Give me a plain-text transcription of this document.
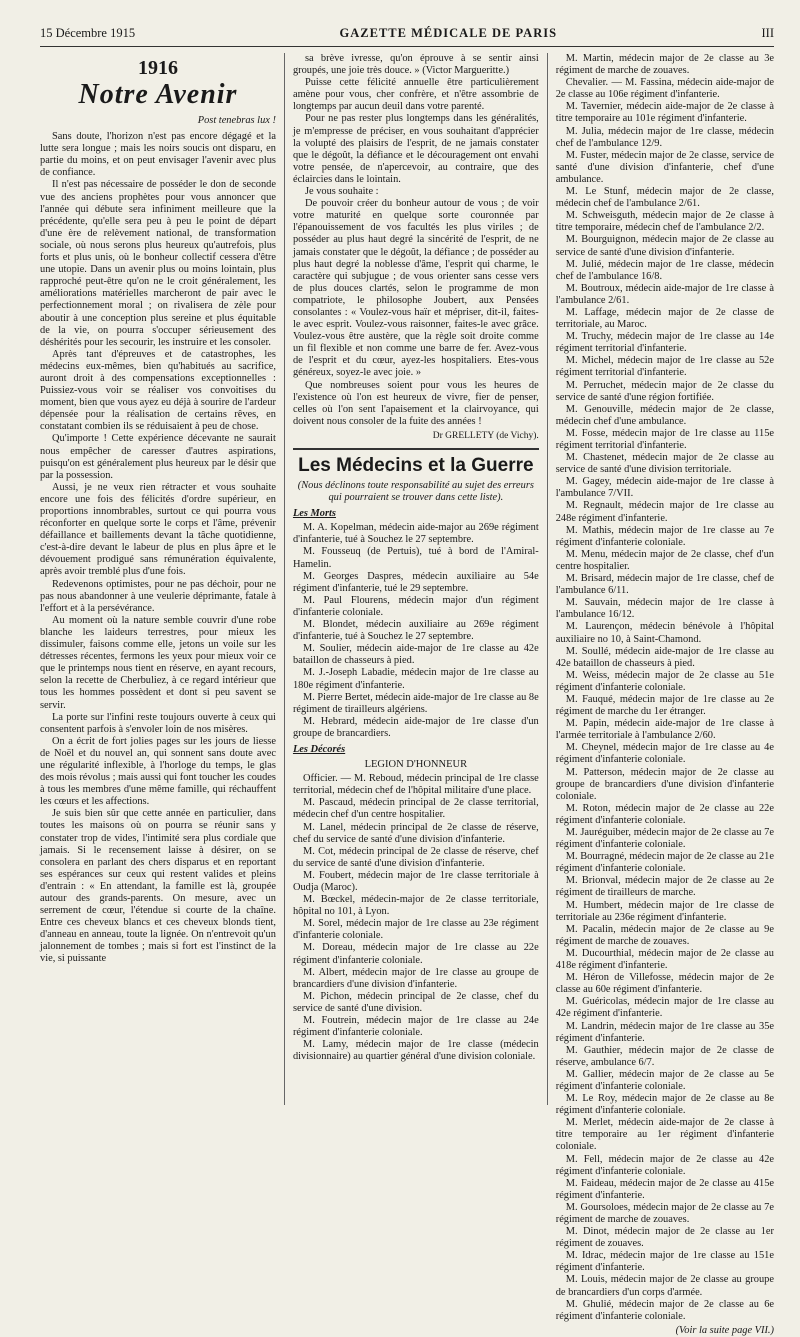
15 Décembre 1915	GAZETTE MÉDICALE DE PARIS	III
1916
Notre Avenir
Post tenebras lux !

Sans doute, l'horizon n'est pas encore dégagé et la lutte sera longue ; mais les noirs soucis ont disparu, en partie du moins, et on peut envisager l'avenir avec plus de confiance.

Il n'est pas nécessaire de posséder le don de seconde vue des anciens prophètes pour vous annoncer que l'année qui débute sera infiniment meilleure que la précédente, qu'elle sera peu à peu le point de départ d'une ère de relèvement national, de transformation sociale, où nous serons plus heureux qu'autrefois, plus forts et plus unis, où le bonheur collectif cessera d'être une utopie. Dans un avenir plus ou moins lointain, plus rapproché peut-être qu'on ne le croit généralement, les améliorations matérielles marcheront de pair avec le perfectionnement moral ; on rivalisera de zèle pour aboutir à une conception plus sereine et plus équitable de la vie, on pourra s'occuper sérieusement des déshérités pour les secourir, les instruire et les consoler.

Après tant d'épreuves et de catastrophes, les médecins eux-mêmes, bien qu'habitués au sacrifice, auront droit à des compensations exceptionnelles : Puissiez-vous voir se réaliser vos convoitises du moment, bien que vous ayez eu déjà à sourire de l'ardeur dépensée pour la réalisation de certains rêves, en constatant combien ils se réduisaient à peu de chose.

Qu'importe ! Cette expérience décevante ne saurait nous empêcher de caresser d'autres aspirations, puisqu'on est généralement plus heureux par le désir que par la possession.

Aussi, je ne veux rien rétracter et vous souhaite encore une fois des félicités d'ordre supérieur, en proportions innombrables, surtout ce qui pourra vous réconforter en quelque sorte le corps et l'âme, prévenir défaillance et baillements devant la tâche quotidienne, c'est-à-dire devant le labeur de plus en plus âpre et le dévouement prodigué sans rémunération équivalente, après avoir tremblé plus d'une fois.

Redevenons optimistes, pour ne pas déchoir, pour ne pas nous abandonner à une veulerie déprimante, fatale à l'effort et à la persévérance.

Au moment où la nature semble couvrir d'une robe blanche les laideurs terrestres, pour mieux les dissimuler, faisons comme elle, jetons un voile sur les détresses récentes, fermons les yeux pour mieux voir ce que le printemps nous tient en réserve, en ayant recours, selon la recette de Cherbuliez, à ce regard intérieur que tous les hommes possèdent et dont si peu savent se servir.

La porte sur l'infini reste toujours ouverte à ceux qui consentent parfois à s'envoler loin de nos misères.

On a écrit de fort jolies pages sur les jours de liesse de Noël et du nouvel an, qui sonnent sans doute avec une régularité inflexible, à l'horloge du temps, le glas des mois révolus ; mais aussi qui font toucher les coudes à tous les membres d'une même famille, qui réchauffent les cœurs et les affections.

Je suis bien sûr que cette année en particulier, dans toutes les maisons où on pourra se réunir sans y constater trop de vides, l'intimité sera plus cordiale que jamais. Si le recensement laisse à désirer, on se consolera en parlant des chers disparus et en reportant ses espérances sur ceux qui restent valides et pleins d'entrain : « En attendant, la famille est là, groupée autour des grands-parents. On mesure, avec un serrement de cœur, l'étendue si courte de la chaîne. Entre ces cheveux blancs et ces cheveux blonds tient, d'anneau en anneau, toute la lignée. On n'entrevoit qu'un jalonnement de tombes ; mais si fort est l'instinct de la vie, si puissante

sa brève ivresse, qu'on éprouve à se sentir ainsi groupés, une joie très douce. » (Victor Margueritte.)

Puisse cette félicité annuelle être particulièrement amène pour vous, cher confrère, et n'être assombrie de longtemps par aucun deuil dans votre parenté.

Pour ne pas rester plus longtemps dans les généralités, je m'empresse de préciser, en vous souhaitant d'apprécier la volupté des plaisirs de l'esprit, de ne jamais constater que le dégoût, la défiance et le découragement ont envahi votre pensée, de n'apercevoir, au contraire, que des éclaircies dans le lointain.

Je vous souhaite :

De pouvoir créer du bonheur autour de vous ; de voir votre maturité en quelque sorte couronnée par l'épanouissement de vos facultés les plus viriles ; de posséder au plus haut degré la sincérité de l'esprit, de ne jamais constater que le dégoût, la défiance ; de posséder au plus haut degré la noblesse d'âme, l'esprit qui charme, le caractère qui subjugue ; de vous orienter sans cesse vers de plus douces clartés, selon le programme de mon compatriote, le philosophe Joubert, aux Pensées consolantes : « Voulez-vous haïr et mépriser, dit-il, faites-le avec esprit. Voulez-vous raisonner, faites-le avec grâce. Voulez-vous être austère, que la règle soit droite comme un fil flexible et non comme une barre de fer. Avez-vous de l'esprit et du cœur, ayez-les hospitaliers. Etes-vous généreux, soyez-le avec joie. »

Que nombreuses soient pour vous les heures de l'existence où l'on est heureux de vivre, fier de penser, celles où l'on sent l'apaisement et la clairvoyance, qui doivent nous consoler de la fuite des années !

Dr GRELLETY (de Vichy).
Les Médecins et la Guerre
(Nous déclinons toute responsabilité au sujet des erreurs qui pourraient se trouver dans cette liste).
Les Morts

M. A. Kopelman, médecin aide-major au 269e régiment d'infanterie, tué à Souchez le 27 septembre.

M. Fousseuq (de Pertuis), tué à bord de l'Amiral-Hamelin.

M. Georges Daspres, médecin auxiliaire au 54e régiment d'infanterie, tué le 29 septembre.

M. Paul Flourens, médecin major d'un régiment d'infanterie coloniale.

M. Blondet, médecin auxiliaire au 269e régiment d'infanterie, tué à Souchez le 27 septembre.

M. Soulier, médecin aide-major de 1re classe au 42e bataillon de chasseurs à pied.

M. J.-Joseph Labadie, médecin major de 1re classe au 180e régiment d'infanterie.

M. Pierre Bertet, médecin aide-major de 1re classe au 8e régiment de tirailleurs algériens.

M. Hebrard, médecin aide-major de 1re classe d'un groupe de brancardiers.

Les Décorés
LEGION D'HONNEUR

Officier. — M. Reboud, médecin principal de 1re classe territorial, médecin chef de l'hôpital militaire d'une place.

M. Pascaud, médecin principal de 2e classe territorial, médecin chef d'un centre hospitalier.

M. Lanel, médecin principal de 2e classe de réserve, chef du service de santé d'une division d'infanterie.

M. Cot, médecin principal de 2e classe de réserve, chef du service de santé d'une division d'infanterie.

M. Foubert, médecin major de 1re classe territoriale à Oudja (Maroc).

M. Bœckel, médecin-major de 2e classe territoriale, hôpital no 101, à Lyon.

M. Sorel, médecin major de 1re classe au 23e régiment d'infanterie coloniale.

M. Doreau, médecin major de 1re classe au 22e régiment d'infanterie coloniale.

M. Albert, médecin major de 1re classe au groupe de brancardiers d'une division d'infanterie.

M. Pichon, médecin principal de 2e classe, chef du service de santé d'une division.

M. Foutrein, médecin major de 1re classe au 24e régiment d'infanterie coloniale.

M. Lamy, médecin major de 1re classe (médecin divisionnaire) au quartier général d'une division coloniale.

M. Martin, médecin major de 2e classe au 3e régiment de marche de zouaves.

Chevalier. — M. Fassina, médecin aide-major de 2e classe au 106e régiment d'infanterie.

M. Tavernier, médecin aide-major de 2e classe à titre temporaire au 101e régiment d'infanterie.

M. Julia, médecin major de 1re classe, médecin chef de l'ambulance 12/9.

M. Fuster, médecin major de 2e classe, service de santé d'une division d'infanterie, chef d'une ambulance.

M. Le Stunf, médecin major de 2e classe, médecin chef de l'ambulance 2/61.

M. Schweisguth, médecin major de 2e classe à titre temporaire, médecin chef de l'ambulance 2/2.

M. Bourguignon, médecin major de 2e classe au service de santé d'une division d'infanterie.

M. Julié, médecin major de 1re classe, médecin chef de l'ambulance 16/8.

M. Boutroux, médecin aide-major de 1re classe à l'ambulance 2/61.

M. Laffage, médecin major de 2e classe de territoriale, au Maroc.

M. Truchy, médecin major de 1re classe au 14e régiment territorial d'infanterie.

M. Michel, médecin major de 1re classe au 52e régiment territorial d'infanterie.

M. Perruchet, médecin major de 2e classe du service de santé d'une région fortifiée.

M. Genouville, médecin major de 2e classe, médecin chef d'une ambulance.

M. Fosse, médecin major de 1re classe au 115e régiment territorial d'infanterie.

M. Chastenet, médecin major de 2e classe au service de santé d'une division territoriale.

M. Gagey, médecin aide-major de 1re classe à l'ambulance 7/VII.

M. Regnault, médecin major de 1re classe au 248e régiment d'infanterie.

M. Mathis, médecin major de 1re classe au 7e régiment d'infanterie coloniale.

M. Menu, médecin major de 2e classe, chef d'un centre hospitalier.

M. Brisard, médecin major de 1re classe, chef de l'ambulance 6/11.

M. Sauvain, médecin major de 1re classe à l'ambulance 16/12.

M. Laurençon, médecin bénévole à l'hôpital auxiliaire no 10, à Saint-Chamond.

M. Soullé, médecin aide-major de 1re classe au 42e bataillon de chasseurs à pied.

M. Weiss, médecin major de 2e classe au 51e régiment d'infanterie coloniale.

M. Fauqué, médecin major de 1re classe au 2e régiment de marche du 1er étranger.

M. Papin, médecin aide-major de 1re classe à l'armée territoriale à l'ambulance 2/60.

M. Cheynel, médecin major de 1re classe au 4e régiment d'infanterie coloniale.

M. Patterson, médecin major de 2e classe au groupe de brancardiers d'une division d'infanterie coloniale.

M. Roton, médecin major de 2e classe au 22e régiment d'infanterie coloniale.

M. Jauréguiber, médecin major de 2e classe au 7e régiment d'infanterie coloniale.

M. Bourragné, médecin major de 2e classe au 21e régiment d'infanterie coloniale.

M. Brionval, médecin major de 2e classe au 2e régiment de tirailleurs de marche.

M. Humbert, médecin major de 1re classe de territoriale au 236e régiment d'infanterie.

M. Pacalin, médecin major de 2e classe au 9e régiment de marche de zouaves.

M. Ducourthial, médecin major de 2e classe au 418e régiment d'infanterie.

M. Héron de Villefosse, médecin major de 2e classe au 60e régiment d'infanterie.

M. Guéricolas, médecin major de 1re classe au 42e régiment d'infanterie.

M. Landrin, médecin major de 1re classe au 35e régiment d'infanterie.

M. Gauthier, médecin major de 2e classe de réserve, ambulance 6/7.

M. Gallier, médecin major de 2e classe au 5e régiment d'infanterie coloniale.

M. Le Roy, médecin major de 2e classe au 8e régiment d'infanterie coloniale.

M. Merlet, médecin aide-major de 2e classe à titre temporaire au 1er régiment d'infanterie coloniale.

M. Fell, médecin major de 2e classe au 42e régiment d'infanterie coloniale.

M. Faideau, médecin major de 2e classe au 415e régiment d'infanterie.

M. Goursoloes, médecin major de 2e classe au 7e régiment de marche de zouaves.

M. Dinot, médecin major de 2e classe au 1er régiment de zouaves.

M. Idrac, médecin major de 1re classe au 151e régiment d'infanterie.

M. Louis, médecin major de 2e classe au groupe de brancardiers d'un corps d'armée.

M. Ghulié, médecin major de 2e classe au 6e régiment d'infanterie coloniale.

(Voir la suite page VII.)
